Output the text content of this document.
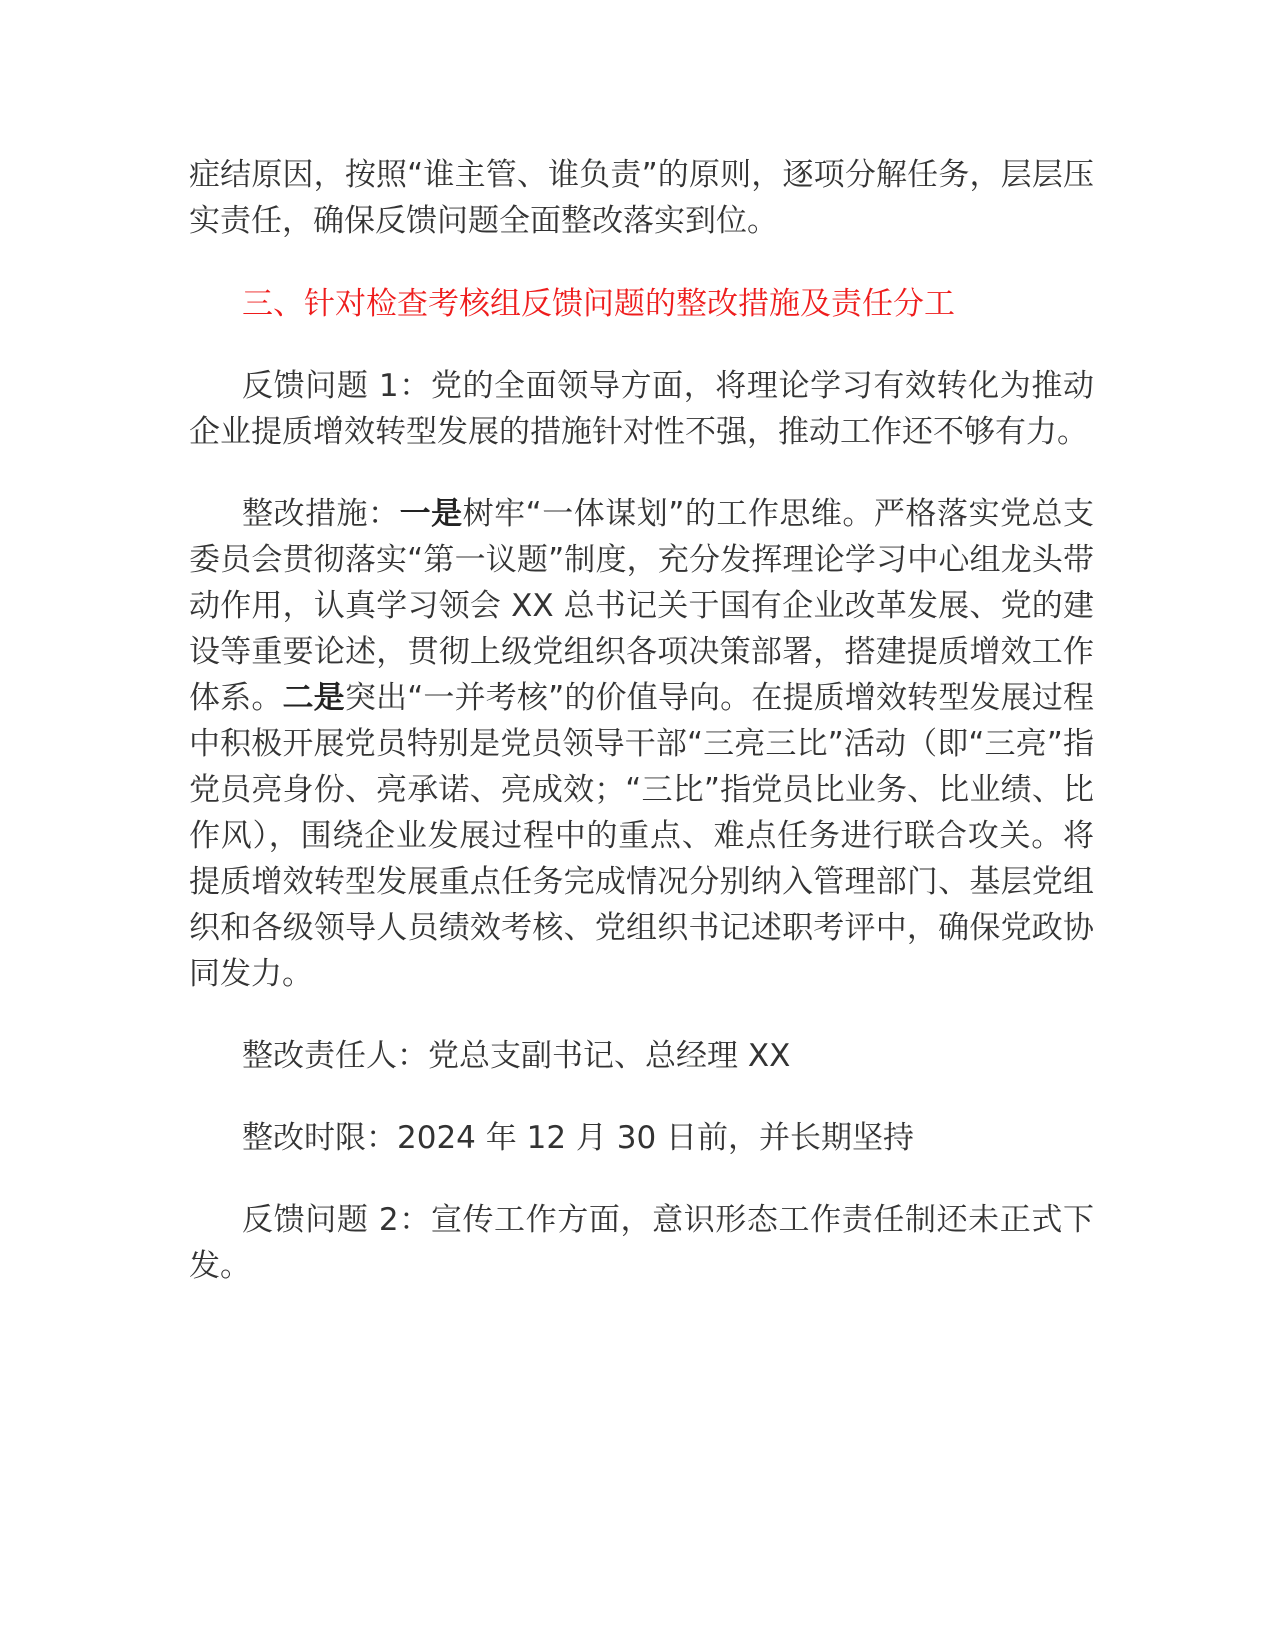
症结原因，按照“谁主管、谁负责”的原则，逐项分解任务，层层压实责任，确保反馈问题全面整改落实到位。

三、针对检查考核组反馈问题的整改措施及责任分工

反馈问题 1：党的全面领导方面，将理论学习有效转化为推动企业提质增效转型发展的措施针对性不强，推动工作还不够有力。

整改措施：一是树牢“一体谋划”的工作思维。严格落实党总支委员会贯彻落实“第一议题”制度，充分发挥理论学习中心组龙头带动作用，认真学习领会 XX 总书记关于国有企业改革发展、党的建设等重要论述，贯彻上级党组织各项决策部署，搭建提质增效工作体系。二是突出“一并考核”的价值导向。在提质增效转型发展过程中积极开展党员特别是党员领导干部“三亮三比”活动（即“三亮”指党员亮身份、亮承诺、亮成效；“三比”指党员比业务、比业绩、比作风），围绕企业发展过程中的重点、难点任务进行联合攻关。将提质增效转型发展重点任务完成情况分别纳入管理部门、基层党组织和各级领导人员绩效考核、党组织书记述职考评中，确保党政协同发力。

整改责任人：党总支副书记、总经理 XX

整改时限：2024 年 12 月 30 日前，并长期坚持

反馈问题 2：宣传工作方面，意识形态工作责任制还未正式下发。
